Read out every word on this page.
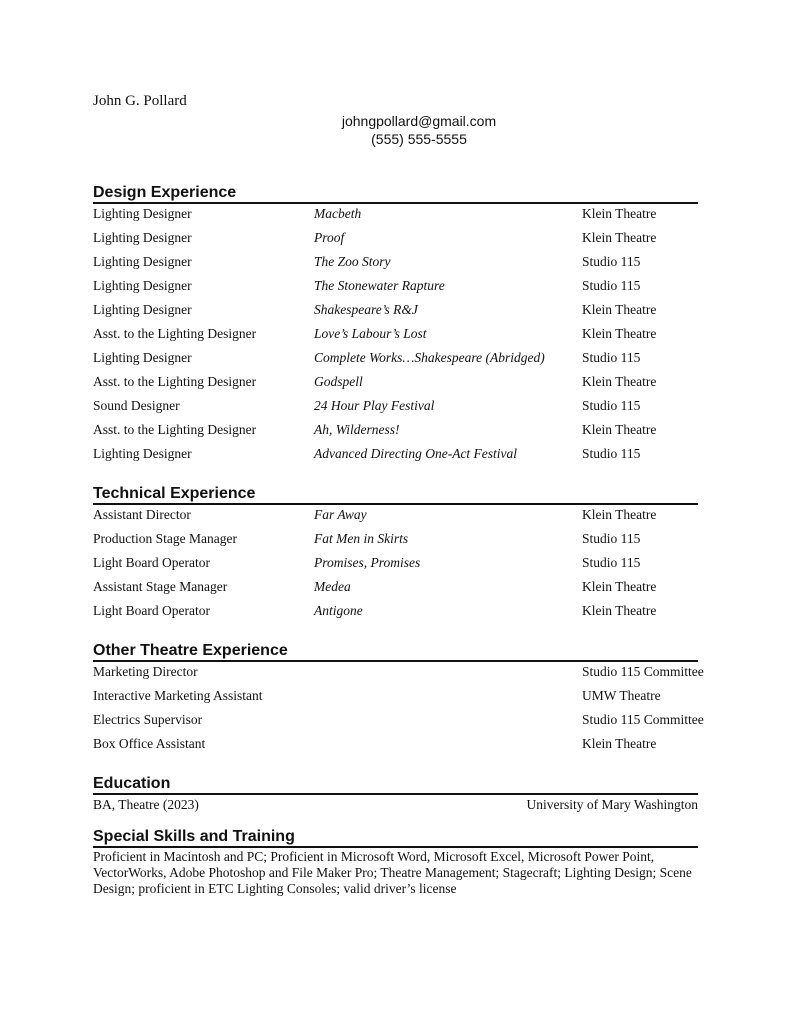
John G. Pollard
johngpollard@gmail.com
(555) 555-5555
Design Experience
Lighting Designer	Macbeth	Klein Theatre
Lighting Designer	Proof	Klein Theatre
Lighting Designer	The Zoo Story	Studio 115
Lighting Designer	The Stonewater Rapture	Studio 115
Lighting Designer	Shakespeare’s R&J	Klein Theatre
Asst. to the Lighting Designer	Love’s Labour’s Lost	Klein Theatre
Lighting Designer	Complete Works…Shakespeare (Abridged)	Studio 115
Asst. to the Lighting Designer	Godspell	Klein Theatre
Sound Designer	24 Hour Play Festival	Studio 115
Asst. to the Lighting Designer	Ah, Wilderness!	Klein Theatre
Lighting Designer	Advanced Directing One-Act Festival	Studio 115
Technical Experience
Assistant Director	Far Away	Klein Theatre
Production Stage Manager	Fat Men in Skirts	Studio 115
Light Board Operator	Promises, Promises	Studio 115
Assistant Stage Manager	Medea	Klein Theatre
Light Board Operator	Antigone	Klein Theatre
Other Theatre Experience
Marketing Director	Studio 115 Committee
Interactive Marketing Assistant	UMW Theatre
Electrics Supervisor	Studio 115 Committee
Box Office Assistant	Klein Theatre
Education
BA, Theatre (2023)	University of Mary Washington
Special Skills and Training
Proficient in Macintosh and PC; Proficient in Microsoft Word, Microsoft Excel, Microsoft Power Point, VectorWorks, Adobe Photoshop and File Maker Pro; Theatre Management; Stagecraft; Lighting Design; Scene Design; proficient in ETC Lighting Consoles; valid driver’s license
